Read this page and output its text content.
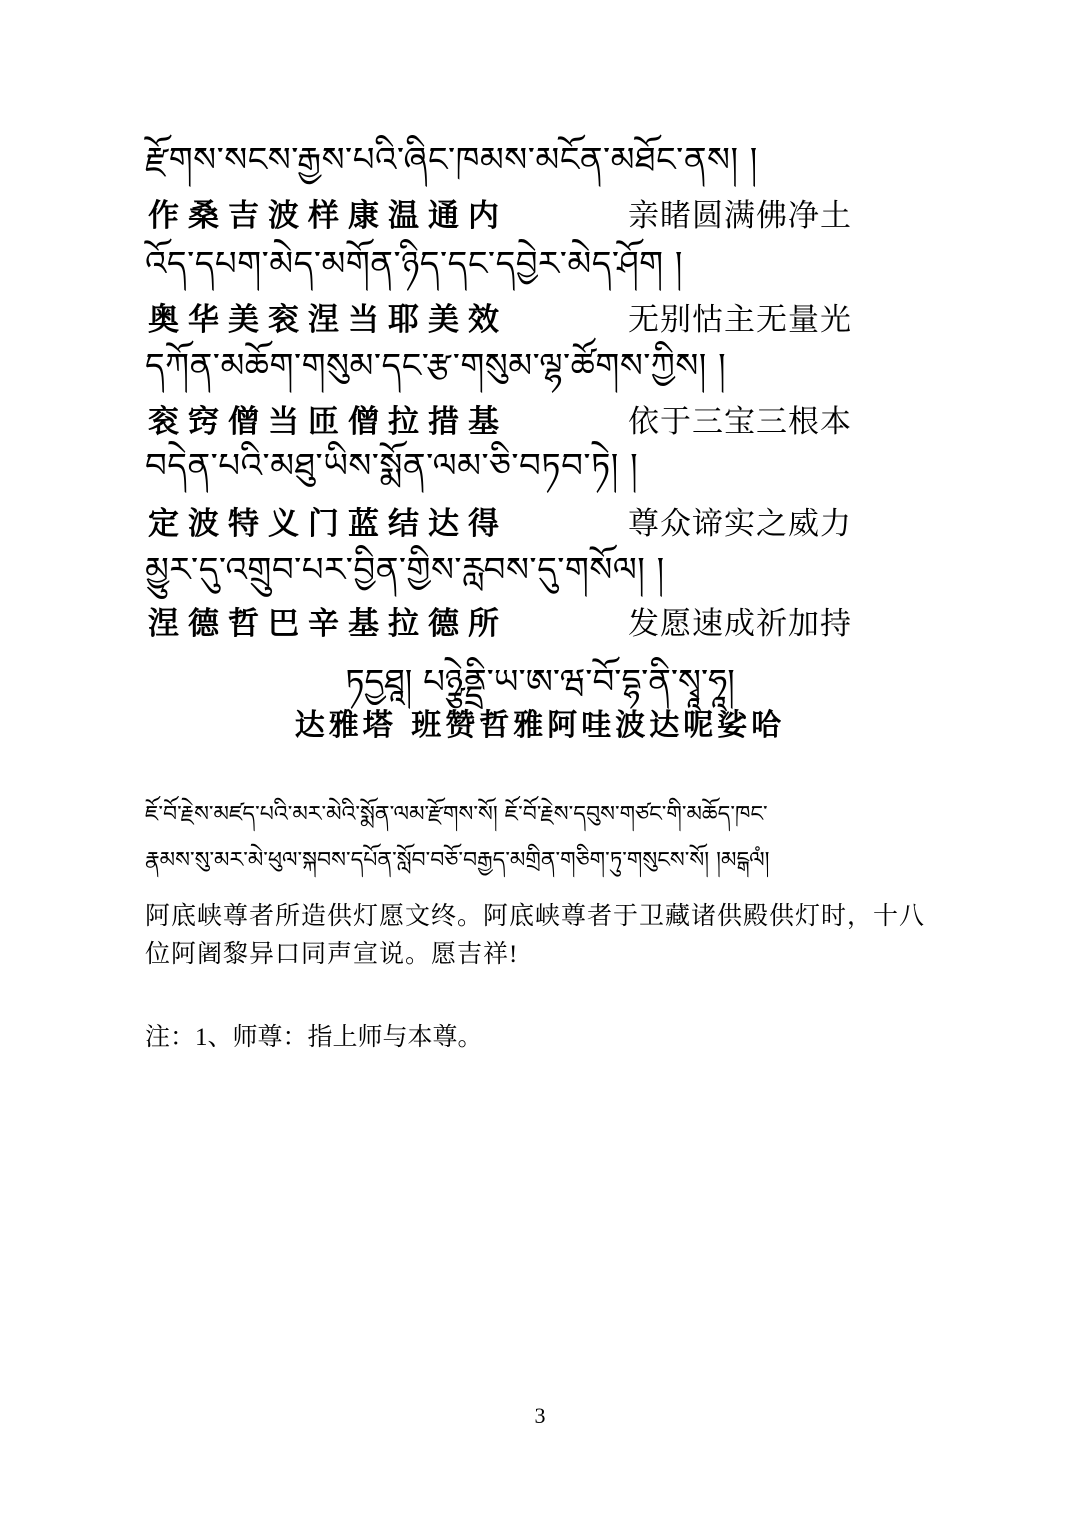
རྫོགས་སངས་རྒྱས་པའི་ཞིང་ཁམས་མངོན་མཐོང་ནས། །
作桑吉波样康温通内	亲睹圆满佛净土
འོད་དཔག་མེད་མགོན་ཉིད་དང་དབྱེར་མེད་ཤོག །
奥华美衮涅当耶美效	无别怙主无量光
དཀོན་མཆོག་གསུམ་དང་རྩ་གསུམ་ལྷ་ཚོགས་ཀྱིས། །
衮窍僧当匝僧拉措基	依于三宝三根本
བདེན་པའི་མཐུ་ཡིས་སྨོན་ལམ་ཅི་བཏབ་ཏེ། །
定波特义门蓝结达得	尊众谛实之威力
མྱུར་དུ་འགྲུབ་པར་བྱིན་གྱིས་རླབས་དུ་གསོལ། །
涅德哲巴辛基拉德所	发愿速成祈加持
ཏདྱཐཱ། པཉྩེནྡྲི་ཡ་ཨ་ཝ་བོ་དྷ་ནི་སྭཱ་ཧཱ།
达雅塔 班赞哲雅阿哇波达呢娑哈
ཇོ་བོ་རྗེས་མཛད་པའི་མར་མེའི་སྨོན་ལམ་རྫོགས་སོ། ཇོ་བོ་རྗེས་དབུས་གཙང་གི་མཆོད་ཁང་
རྣམས་སུ་མར་མེ་ཕུལ་སྐབས་དཔོན་སློབ་བཅོ་བརྒྱད་མགྲིན་གཅིག་ཏུ་གསུངས་སོ། །མངྒལཾ།
阿底峡尊者所造供灯愿文终。阿底峡尊者于卫藏诸供殿供灯时，十八位阿阇黎异口同声宣说。愿吉祥!
注：1、师尊：指上师与本尊。
3
